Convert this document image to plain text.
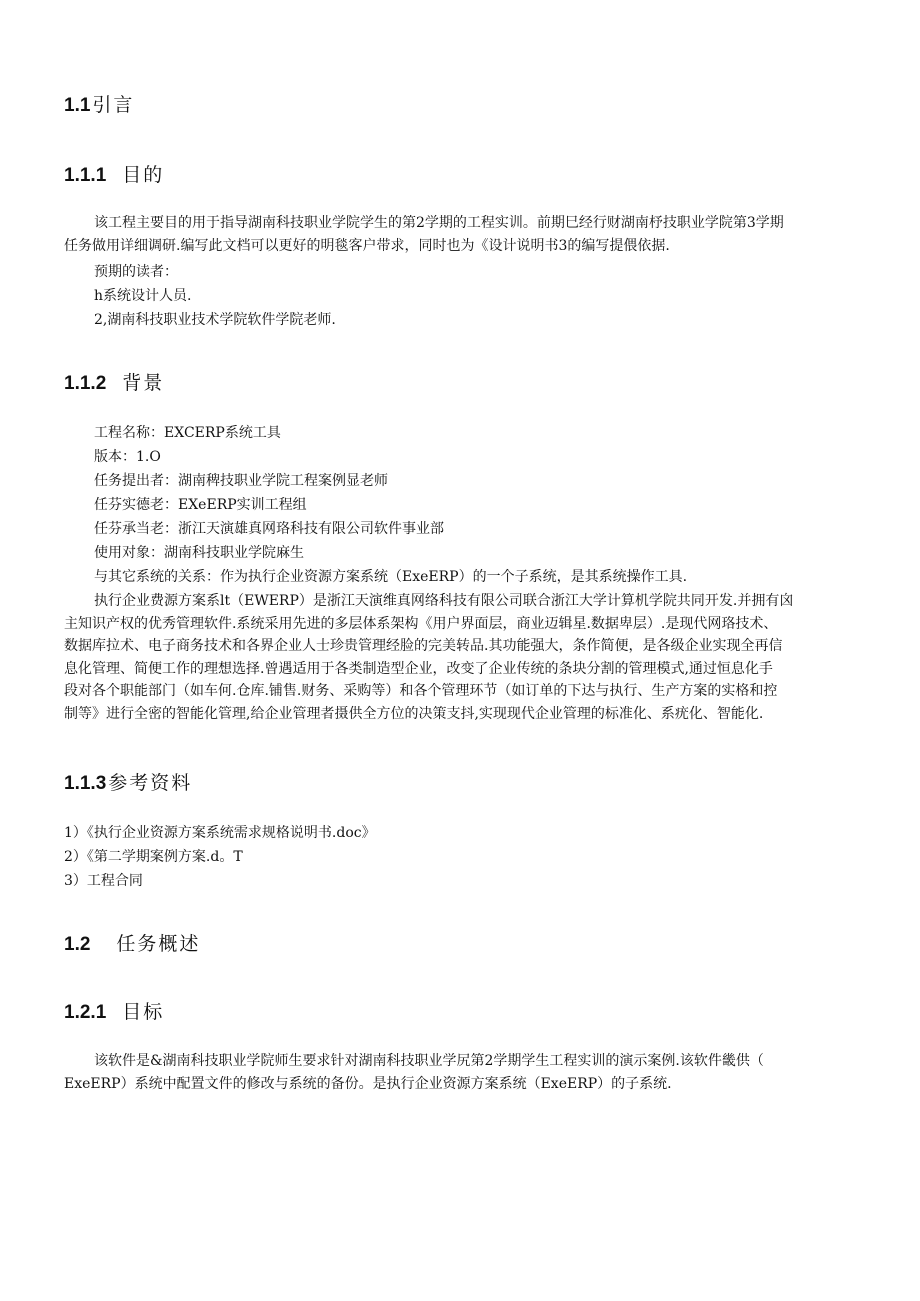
1.1 引言
1.1.1 目的
该工程主要目的用于指导湖南科技职业学院学生的第2学期的工程实训。前期巳经行财湖南杼技职业学院第3学期
任务做用详细调研.编写此文档可以更好的明毯客户带求，同时也为《设计说明书3的编写提偎依据.
预期的读者：
h系统设计人员.
2,湖南科技职业技术学院软件学院老师.
1.1.2 背景
工程名称：EXCERP系统工具
版本：1.O
任务提出者：湖南稗技职业学院工程案例显老师
任芬实德老：EXeERP实训工程组
任芬承当老：浙江天演雄真网珞科技有限公司软件事业部
使用对象：湖南科技职业学院麻生
与其它系统的关系：作为执行企业资源方案系统（ExeERP）的一个子系统，是其系统操作工具.
执行企业费源方案系lt（EWERP）是浙江天演维真网络科技有限公司联合浙江大学计算机学院共同开发.并拥有囟
主知识产权的优秀管理软件.系统采用先进的多层体系架构《用户界面层，商业迈辑星.数据卑层）.是现代网珞技术、
数据库拉术、电子商务技术和各界企业人士珍贵管理经脸的完美转品.其功能强大，条作简便，是各级企业实现全再信
息化管理、简便工作的理想选择.曾遇适用于各类制造型企业，改变了企业传统的条块分割的管理模式,通过恒息化手
段对各个职能部门（如车何.仓库.铺售.财务、采购等）和各个管理环节（如订单的下达与执行、生产方案的实格和控
制等》进行全密的智能化管理,给企业管理者摄供全方位的决策支抖,实现现代企业管理的标准化、系疣化、智能化.
1.1.3 参考资料
1）《执行企业资源方案系统需求规格说明书.doc》
2）《第二学期案例方案.d。T
3）工程合同
1.2 任务概述
1.2.1 目标
该软件是&湖南科技职业学院师生要求针对湖南科技职业学尻第2学期学生工程实训的演示案例.该软件畿供（
ExeERP）系统中配置文件的修改与系统的备份。是执行企业资源方案系统（ExeERP）的子系统.
